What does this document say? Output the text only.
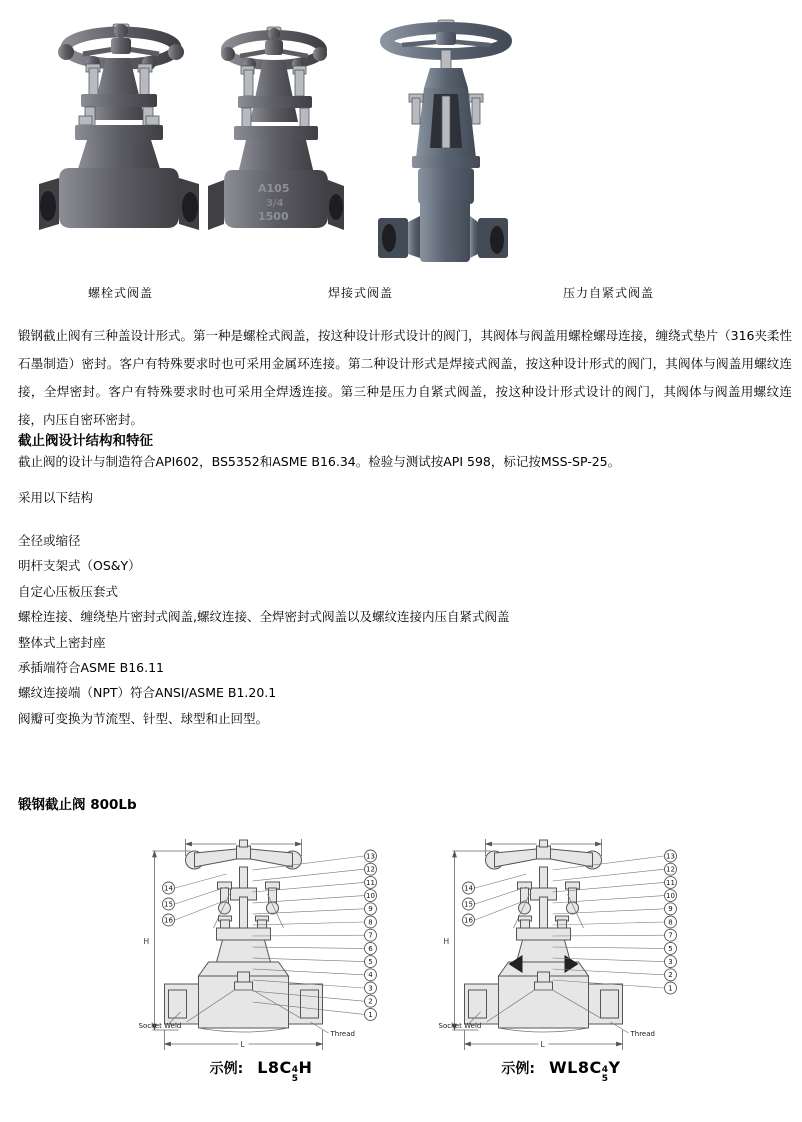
A105
3/4
1500
螺栓式阀盖	焊接式阀盖	压力自紧式阀盖
锻钢截止阀有三种盖设计形式。第一种是螺栓式阀盖，按这种设计形式设计的阀门，其阀体与阀盖用螺栓螺母连接，缠绕式垫片（316夹柔性石墨制造）密封。客户有特殊要求时也可采用金属环连接。第二种设计形式是焊接式阀盖，按这种设计形式的阀门，其阀体与阀盖用螺纹连接，全焊密封。客户有特殊要求时也可采用全焊透连接。第三种是压力自紧式阀盖，按这种设计形式设计的阀门，其阀体与阀盖用螺纹连接，内压自密环密封。
截止阀设计结构和特征
截止阀的设计与制造符合API602，BS5352和ASME B16.34。检验与测试按API 598，标记按MSS-SP-25。
采用以下结构
全径或缩径
明杆支架式（OS&Y）
自定心压板压套式
螺栓连接、缠绕垫片密封式阀盖,螺纹连接、全焊密封式阀盖以及螺纹连接内压自紧式阀盖
整体式上密封座
承插端符合ASME B16.11
螺纹连接端（NPT）符合ANSI/ASME B1.20.1
阀瓣可变换为节流型、针型、球型和止回型。
锻钢截止阀 800Lb
H
L
Socket Weld
Thread
13
12
11
10
9
8
7
6
5
4
3
2
1
14
15
16
示例: L8C 4
5
H
H
L
Socket Weld
Thread
13
12
11
10
9
8
7
5
3
2
1
14
15
16
示例: WL8C 4
5
Y
